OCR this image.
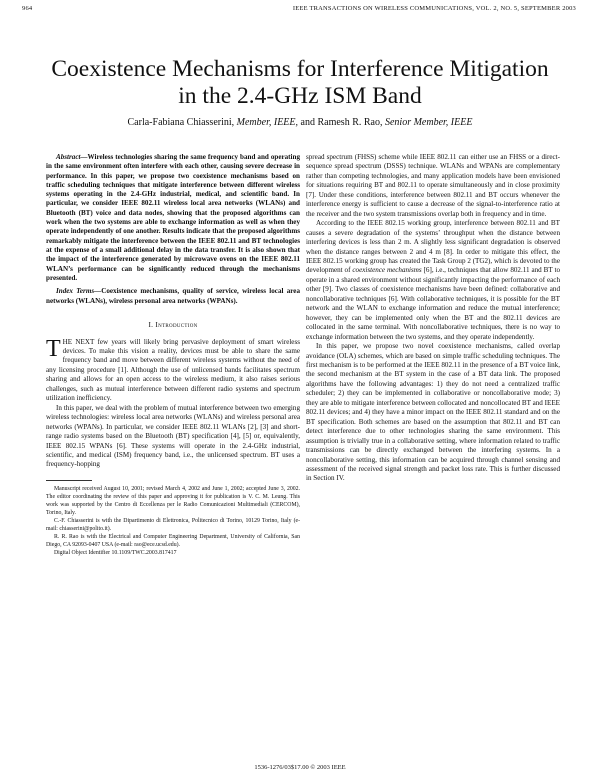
964	IEEE TRANSACTIONS ON WIRELESS COMMUNICATIONS, VOL. 2, NO. 5, SEPTEMBER 2003
Coexistence Mechanisms for Interference Mitigation
in the 2.4-GHz ISM Band
Carla-Fabiana Chiasserini, Member, IEEE, and Ramesh R. Rao, Senior Member, IEEE

Abstract—Wireless technologies sharing the same frequency band and operating in the same environment often interfere with each other, causing severe decrease in performance. In this paper, we propose two coexistence mechanisms based on traffic scheduling techniques that mitigate interference between different wireless systems operating in the 2.4-GHz industrial, medical, and scientific band. In particular, we consider IEEE 802.11 wireless local area networks (WLANs) and Bluetooth (BT) voice and data nodes, showing that the proposed algorithms can work when the two systems are able to exchange information as well as when they operate independently of one another. Results indicate that the proposed algorithms remarkably mitigate the interference between the IEEE 802.11 and BT technologies at the expense of a small additional delay in the data transfer. It is also shown that the impact of the interference generated by microwave ovens on the IEEE 802.11 WLAN’s performance can be significantly reduced through the mechanisms presented.

Index Terms—Coexistence mechanisms, quality of service, wireless local area networks (WLANs), wireless personal area networks (WPANs).

I. Introduction

THE NEXT few years will likely bring pervasive deployment of smart wireless devices. To make this vision a reality, devices must be able to share the same frequency band and move between different wireless systems without the need of any licensing procedure [1]. Although the use of unlicensed bands facilitates spectrum sharing and allows for an open access to the wireless medium, it also raises serious challenges, such as mutual interference between different radio systems and spectrum utilization inefficiency.

In this paper, we deal with the problem of mutual interference between two emerging wireless technologies: wireless local area networks (WLANs) and wireless personal area networks (WPANs). In particular, we consider IEEE 802.11 WLANs [2], [3] and short-range radio systems based on the Bluetooth (BT) specification [4], [5] or, equivalently, IEEE 802.15 WPANs [6]. These systems will operate in the 2.4-GHz industrial, scientific, and medical (ISM) frequency band, i.e., the unlicensed spectrum. BT uses a frequency-hopping

Manuscript received August 10, 2001; revised March 4, 2002 and June 1, 2002; accepted June 3, 2002. The editor coordinating the review of this paper and approving it for publication is V. C. M. Leung. This work was supported by the Centro di Eccellenza per le Radio Comunicazioni Multimediali (CERCOM), Torino, Italy.

C.-F. Chiasserini is with the Dipartimento di Elettronica, Politecnico di Torino, 10129 Torino, Italy (e-mail: chiasserini@polito.it).

R. R. Rao is with the Electrical and Computer Engineering Department, University of California, San Diego, CA 92093-0407 USA (e-mail: rao@ece.ucsd.edu).

Digital Object Identifier 10.1109/TWC.2003.817417

spread spectrum (FHSS) scheme while IEEE 802.11 can either use an FHSS or a direct-sequence spread spectrum (DSSS) technique. WLANs and WPANs are complementary rather than competing technologies, and many application models have been envisioned for situations requiring BT and 802.11 to operate simultaneously and in close proximity [7]. Under these conditions, interference between 802.11 and BT occurs whenever the interference energy is sufficient to cause a decrease of the signal-to-interference ratio at the receiver and the two system transmissions overlap both in frequency and in time.

According to the IEEE 802.15 working group, interference between 802.11 and BT causes a severe degradation of the systems’ throughput when the distance between interfering devices is less than 2 m. A slightly less significant degradation is observed when the distance ranges between 2 and 4 m [8]. In order to mitigate this effect, the IEEE 802.15 working group has created the Task Group 2 (TG2), which is devoted to the development of coexistence mechanisms [6], i.e., techniques that allow 802.11 and BT to operate in a shared environment without significantly impacting the performance of each other [9]. Two classes of coexistence mechanisms have been defined: collaborative and noncollaborative techniques [6]. With collaborative techniques, it is possible for the BT network and the WLAN to exchange information and reduce the mutual interference; however, they can be implemented only when the BT and the 802.11 devices are collocated in the same terminal. With noncollaborative techniques, there is no way to exchange information between the two systems, and they operate independently.

In this paper, we propose two novel coexistence mechanisms, called overlap avoidance (OLA) schemes, which are based on simple traffic scheduling techniques. The first mechanism is to be performed at the IEEE 802.11 in the presence of a BT voice link, the second mechanism at the BT system in the case of a BT data link. The proposed algorithms have the following advantages: 1) they do not need a centralized traffic scheduler; 2) they can be implemented in collaborative or noncollaborative mode; 3) they are able to mitigate interference between collocated and noncollocated BT and IEEE 802.11 devices; and 4) they have a minor impact on the IEEE 802.11 standard and on the BT specification. Both schemes are based on the assumption that 802.11 and BT can detect interference due to other technologies sharing the same environment. This assumption is trivially true in a collaborative setting, where information related to traffic transmissions can be directly exchanged between the interfering systems. In a noncollaborative setting, this information can be acquired through channel sensing and assessment of the received signal strength and packet loss rate. This is further discussed in Section IV.

1536-1276/03$17.00 © 2003 IEEE
